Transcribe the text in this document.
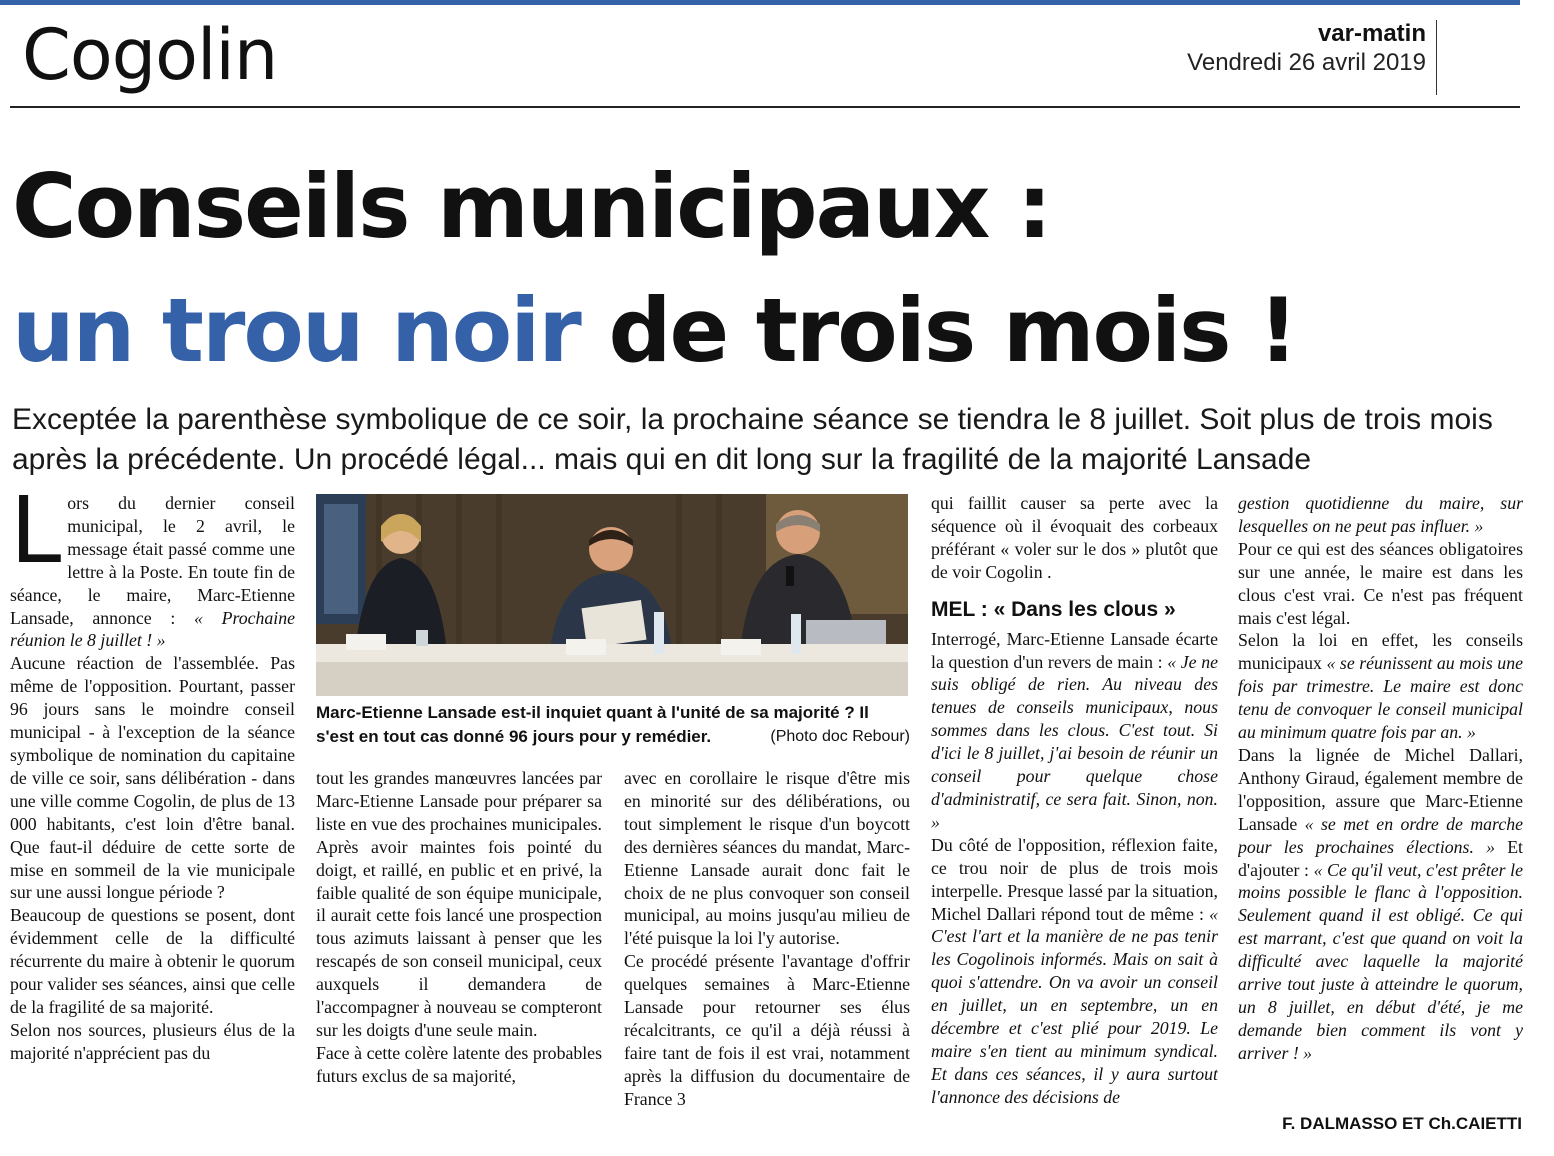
Cogolin	var-matin
Vendredi 26 avril 2019
Conseils municipaux :
un trou noir de trois mois !

Exceptée la parenthèse symbolique de ce soir, la prochaine séance se tiendra le 8 juillet. Soit plus de trois mois après la précédente. Un procédé légal... mais qui en dit long sur la fragilité de la majorité Lansade

Lors du dernier conseil municipal, le 2 avril, le message était passé comme une lettre à la Poste. En toute fin de séance, le maire, Marc-Etienne Lansade, annonce : « Prochaine réunion le 8 juillet ! »

Aucune réaction de l'assemblée. Pas même de l'opposition. Pourtant, passer 96 jours sans le moindre conseil municipal - à l'exception de la séance symbolique de nomination du capitaine de ville ce soir, sans délibération - dans une ville comme Cogolin, de plus de 13 000 habitants, c'est loin d'être banal. Que faut-il déduire de cette sorte de mise en sommeil de la vie municipale sur une aussi longue période ?

Beaucoup de questions se posent, dont évidemment celle de la difficulté récurrente du maire à obtenir le quorum pour valider ses séances, ainsi que celle de la fragilité de sa majorité.

Selon nos sources, plusieurs élus de la majorité n'apprécient pas du

Marc-Etienne Lansade est-il inquiet quant à l'unité de sa majorité ? Il s'est en tout cas donné 96 jours pour y remédier.	(Photo doc Rebour)

tout les grandes manœuvres lancées par Marc-Etienne Lansade pour préparer sa liste en vue des prochaines municipales. Après avoir maintes fois pointé du doigt, et raillé, en public et en privé, la faible qualité de son équipe municipale, il aurait cette fois lancé une prospection tous azimuts laissant à penser que les rescapés de son conseil municipal, ceux auxquels il demandera de l'accompagner à nouveau se compteront sur les doigts d'une seule main.

Face à cette colère latente des probables futurs exclus de sa majorité,

avec en corollaire le risque d'être mis en minorité sur des délibérations, ou tout simplement le risque d'un boycott des dernières séances du mandat, Marc-Etienne Lansade aurait donc fait le choix de ne plus convoquer son conseil municipal, au moins jusqu'au milieu de l'été puisque la loi l'y autorise.

Ce procédé présente l'avantage d'offrir quelques semaines à Marc-Etienne Lansade pour retourner ses élus récalcitrants, ce qu'il a déjà réussi à faire tant de fois il est vrai, notamment après la diffusion du documentaire de France 3

qui faillit causer sa perte avec la séquence où il évoquait des corbeaux préférant « voler sur le dos » plutôt que de voir Cogolin .

MEL : « Dans les clous »

Interrogé, Marc-Etienne Lansade écarte la question d'un revers de main : « Je ne suis obligé de rien. Au niveau des tenues de conseils municipaux, nous sommes dans les clous. C'est tout. Si d'ici le 8 juillet, j'ai besoin de réunir un conseil pour quelque chose d'administratif, ce sera fait. Sinon, non. »

Du côté de l'opposition, réflexion faite, ce trou noir de plus de trois mois interpelle. Presque lassé par la situation, Michel Dallari répond tout de même : « C'est l'art et la manière de ne pas tenir les Cogolinois informés. Mais on sait à quoi s'attendre. On va avoir un conseil en juillet, un en septembre, un en décembre et c'est plié pour 2019. Le maire s'en tient au minimum syndical. Et dans ces séances, il y aura surtout l'annonce des décisions de

gestion quotidienne du maire, sur lesquelles on ne peut pas influer. »

Pour ce qui est des séances obligatoires sur une année, le maire est dans les clous c'est vrai. Ce n'est pas fréquent mais c'est légal.

Selon la loi en effet, les conseils municipaux « se réunissent au mois une fois par trimestre. Le maire est donc tenu de convoquer le conseil municipal au minimum quatre fois par an. »

Dans la lignée de Michel Dallari, Anthony Giraud, également membre de l'opposition, assure que Marc-Etienne Lansade « se met en ordre de marche pour les prochaines élections. » Et d'ajouter : « Ce qu'il veut, c'est prêter le moins possible le flanc à l'opposition. Seulement quand il est obligé. Ce qui est marrant, c'est que quand on voit la difficulté avec laquelle la majorité arrive tout juste à atteindre le quorum, un 8 juillet, en début d'été, je me demande bien comment ils vont y arriver ! »

F. DALMASSO ET Ch.CAIETTI
